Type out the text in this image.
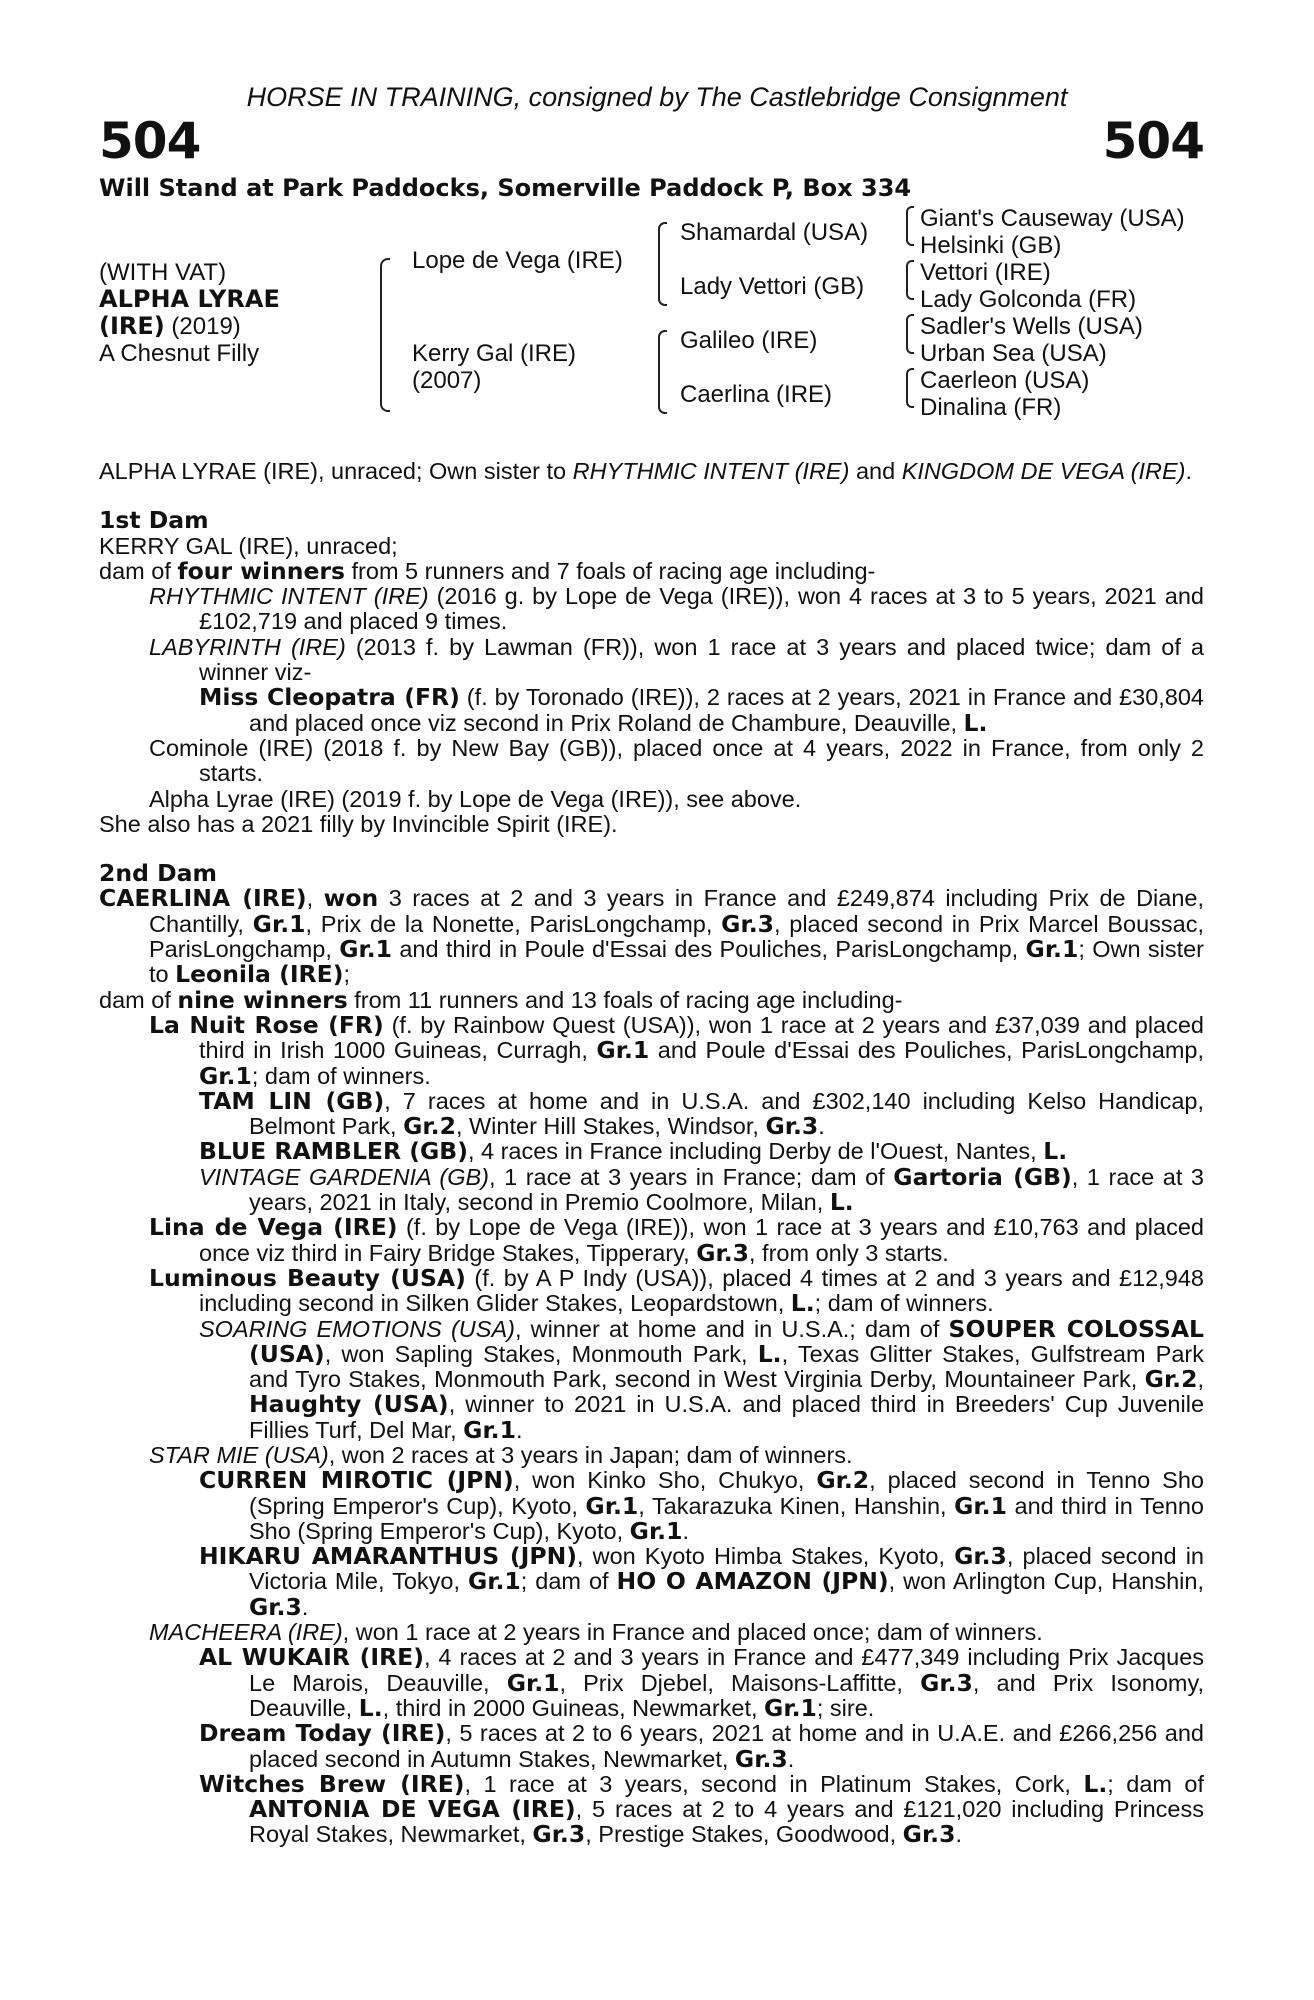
HORSE IN TRAINING, consigned by The Castlebridge Consignment
504	504
Will Stand at Park Paddocks, Somerville Paddock P, Box 334
(WITH VAT)
ALPHA LYRAE
(IRE) (2019)
A Chesnut Filly
Lope de Vega (IRE)
Kerry Gal (IRE)
(2007)
Shamardal (USA)
Lady Vettori (GB)
Galileo (IRE)
Caerlina (IRE)
Giant's Causeway (USA)
Helsinki (GB)
Vettori (IRE)
Lady Golconda (FR)
Sadler's Wells (USA)
Urban Sea (USA)
Caerleon (USA)
Dinalina (FR)

ALPHA LYRAE (IRE), unraced; Own sister to RHYTHMIC INTENT (IRE) and KINGDOM DE VEGA (IRE).

1st Dam

KERRY GAL (IRE), unraced;

dam of four winners from 5 runners and 7 foals of racing age including-

RHYTHMIC INTENT (IRE) (2016 g. by Lope de Vega (IRE)), won 4 races at 3 to 5 years, 2021 and £102,719 and placed 9 times.

LABYRINTH (IRE) (2013 f. by Lawman (FR)), won 1 race at 3 years and placed twice; dam of a winner viz-

Miss Cleopatra (FR) (f. by Toronado (IRE)), 2 races at 2 years, 2021 in France and £30,804 and placed once viz second in Prix Roland de Chambure, Deauville, L.

Cominole (IRE) (2018 f. by New Bay (GB)), placed once at 4 years, 2022 in France, from only 2 starts.

Alpha Lyrae (IRE) (2019 f. by Lope de Vega (IRE)), see above.

She also has a 2021 filly by Invincible Spirit (IRE).

2nd Dam

CAERLINA (IRE), won 3 races at 2 and 3 years in France and £249,874 including Prix de Diane, Chantilly, Gr.1, Prix de la Nonette, ParisLongchamp, Gr.3, placed second in Prix Marcel Boussac, ParisLongchamp, Gr.1 and third in Poule d'Essai des Pouliches, ParisLongchamp, Gr.1; Own sister to Leonila (IRE);

dam of nine winners from 11 runners and 13 foals of racing age including-

La Nuit Rose (FR) (f. by Rainbow Quest (USA)), won 1 race at 2 years and £37,039 and placed third in Irish 1000 Guineas, Curragh, Gr.1 and Poule d'Essai des Pouliches, ParisLongchamp, Gr.1; dam of winners.

TAM LIN (GB), 7 races at home and in U.S.A. and £302,140 including Kelso Handicap, Belmont Park, Gr.2, Winter Hill Stakes, Windsor, Gr.3.

BLUE RAMBLER (GB), 4 races in France including Derby de l'Ouest, Nantes, L.

VINTAGE GARDENIA (GB), 1 race at 3 years in France; dam of Gartoria (GB), 1 race at 3 years, 2021 in Italy, second in Premio Coolmore, Milan, L.

Lina de Vega (IRE) (f. by Lope de Vega (IRE)), won 1 race at 3 years and £10,763 and placed once viz third in Fairy Bridge Stakes, Tipperary, Gr.3, from only 3 starts.

Luminous Beauty (USA) (f. by A P Indy (USA)), placed 4 times at 2 and 3 years and £12,948 including second in Silken Glider Stakes, Leopardstown, L.; dam of winners.

SOARING EMOTIONS (USA), winner at home and in U.S.A.; dam of SOUPER COLOSSAL (USA), won Sapling Stakes, Monmouth Park, L., Texas Glitter Stakes, Gulfstream Park and Tyro Stakes, Monmouth Park, second in West Virginia Derby, Mountaineer Park, Gr.2, Haughty (USA), winner to 2021 in U.S.A. and placed third in Breeders' Cup Juvenile Fillies Turf, Del Mar, Gr.1.

STAR MIE (USA), won 2 races at 3 years in Japan; dam of winners.

CURREN MIROTIC (JPN), won Kinko Sho, Chukyo, Gr.2, placed second in Tenno Sho (Spring Emperor's Cup), Kyoto, Gr.1, Takarazuka Kinen, Hanshin, Gr.1 and third in Tenno Sho (Spring Emperor's Cup), Kyoto, Gr.1.

HIKARU AMARANTHUS (JPN), won Kyoto Himba Stakes, Kyoto, Gr.3, placed second in Victoria Mile, Tokyo, Gr.1; dam of HO O AMAZON (JPN), won Arlington Cup, Hanshin, Gr.3.

MACHEERA (IRE), won 1 race at 2 years in France and placed once; dam of winners.

AL WUKAIR (IRE), 4 races at 2 and 3 years in France and £477,349 including Prix Jacques Le Marois, Deauville, Gr.1, Prix Djebel, Maisons-Laffitte, Gr.3, and Prix Isonomy, Deauville, L., third in 2000 Guineas, Newmarket, Gr.1; sire.

Dream Today (IRE), 5 races at 2 to 6 years, 2021 at home and in U.A.E. and £266,256 and placed second in Autumn Stakes, Newmarket, Gr.3.

Witches Brew (IRE), 1 race at 3 years, second in Platinum Stakes, Cork, L.; dam of ANTONIA DE VEGA (IRE), 5 races at 2 to 4 years and £121,020 including Princess Royal Stakes, Newmarket, Gr.3, Prestige Stakes, Goodwood, Gr.3.
